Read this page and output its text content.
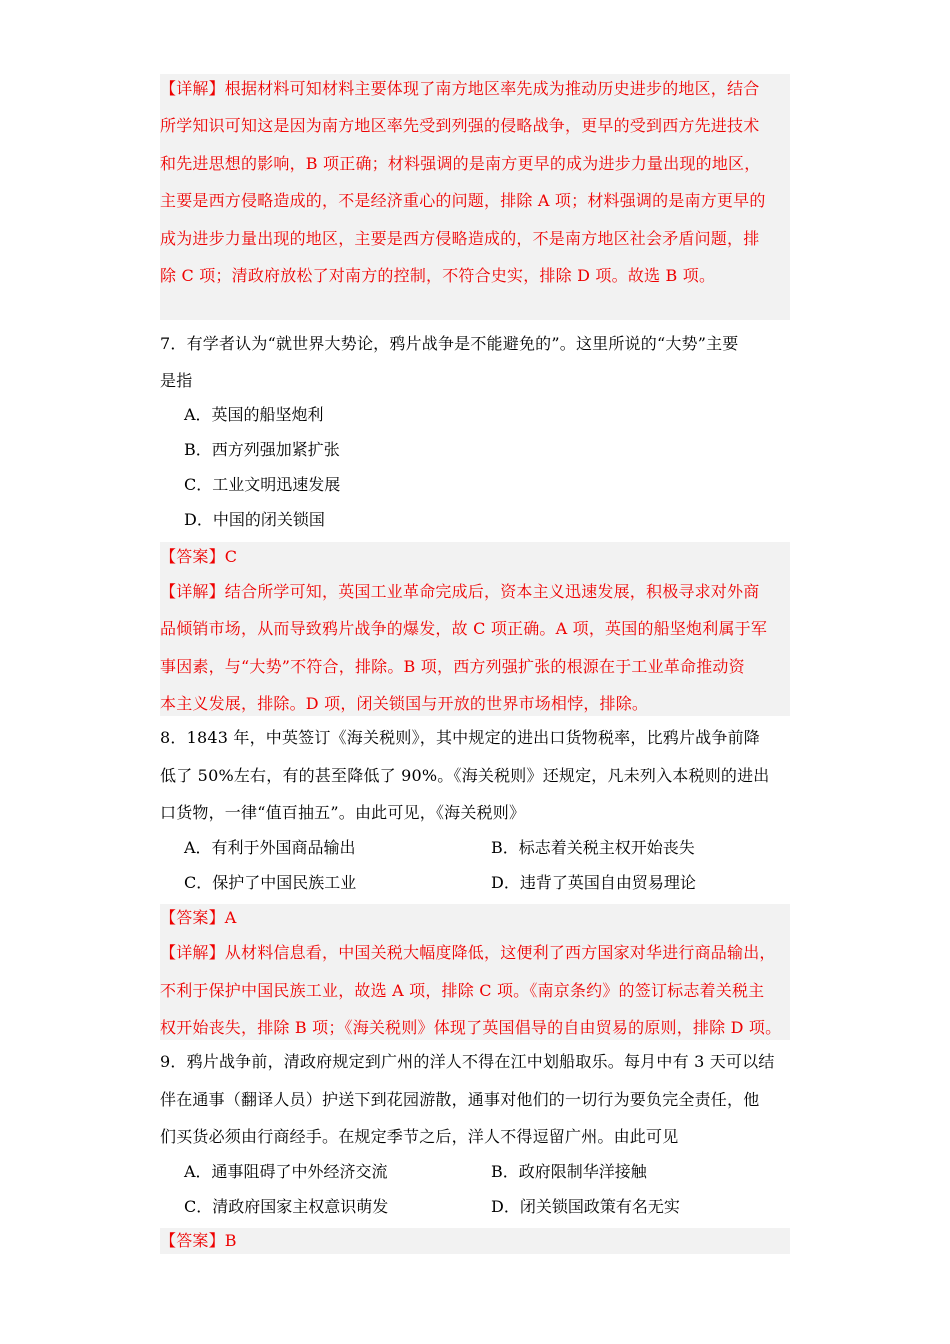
【详解】根据材料可知材料主要体现了南方地区率先成为推动历史进步的地区，结合
所学知识可知这是因为南方地区率先受到列强的侵略战争，更早的受到西方先进技术
和先进思想的影响，B 项正确；材料强调的是南方更早的成为进步力量出现的地区，
主要是西方侵略造成的，不是经济重心的问题，排除 A 项；材料强调的是南方更早的
成为进步力量出现的地区，主要是西方侵略造成的，不是南方地区社会矛盾问题，排
除 C 项；清政府放松了对南方的控制，不符合史实，排除 D 项。故选 B 项。
7．有学者认为“就世界大势论，鸦片战争是不能避免的”。这里所说的“大势”主要
是指
A．英国的船坚炮利
B．西方列强加紧扩张
C．工业文明迅速发展
D．中国的闭关锁国
【答案】C
【详解】结合所学可知，英国工业革命完成后，资本主义迅速发展，积极寻求对外商
品倾销市场，从而导致鸦片战争的爆发，故 C 项正确。A 项，英国的船坚炮利属于军
事因素，与“大势”不符合，排除。B 项，西方列强扩张的根源在于工业革命推动资
本主义发展，排除。D 项，闭关锁国与开放的世界市场相悖，排除。
8．1843 年，中英签订《海关税则》，其中规定的进出口货物税率，比鸦片战争前降
低了 50%左右，有的甚至降低了 90%。《海关税则》还规定，凡未列入本税则的进出
口货物，一律“值百抽五”。由此可见，《海关税则》
A．有利于外国商品输出	B．标志着关税主权开始丧失
C．保护了中国民族工业	D．违背了英国自由贸易理论
【答案】A
【详解】从材料信息看，中国关税大幅度降低，这便利了西方国家对华进行商品输出，
不利于保护中国民族工业，故选 A 项，排除 C 项。《南京条约》的签订标志着关税主
权开始丧失，排除 B 项；《海关税则》体现了英国倡导的自由贸易的原则，排除 D 项。
9．鸦片战争前，清政府规定到广州的洋人不得在江中划船取乐。每月中有 3 天可以结
伴在通事（翻译人员）护送下到花园游散，通事对他们的一切行为要负完全责任，他
们买货必须由行商经手。在规定季节之后，洋人不得逗留广州。由此可见
A．通事阻碍了中外经济交流	B．政府限制华洋接触
C．清政府国家主权意识萌发	D．闭关锁国政策有名无实
【答案】B
